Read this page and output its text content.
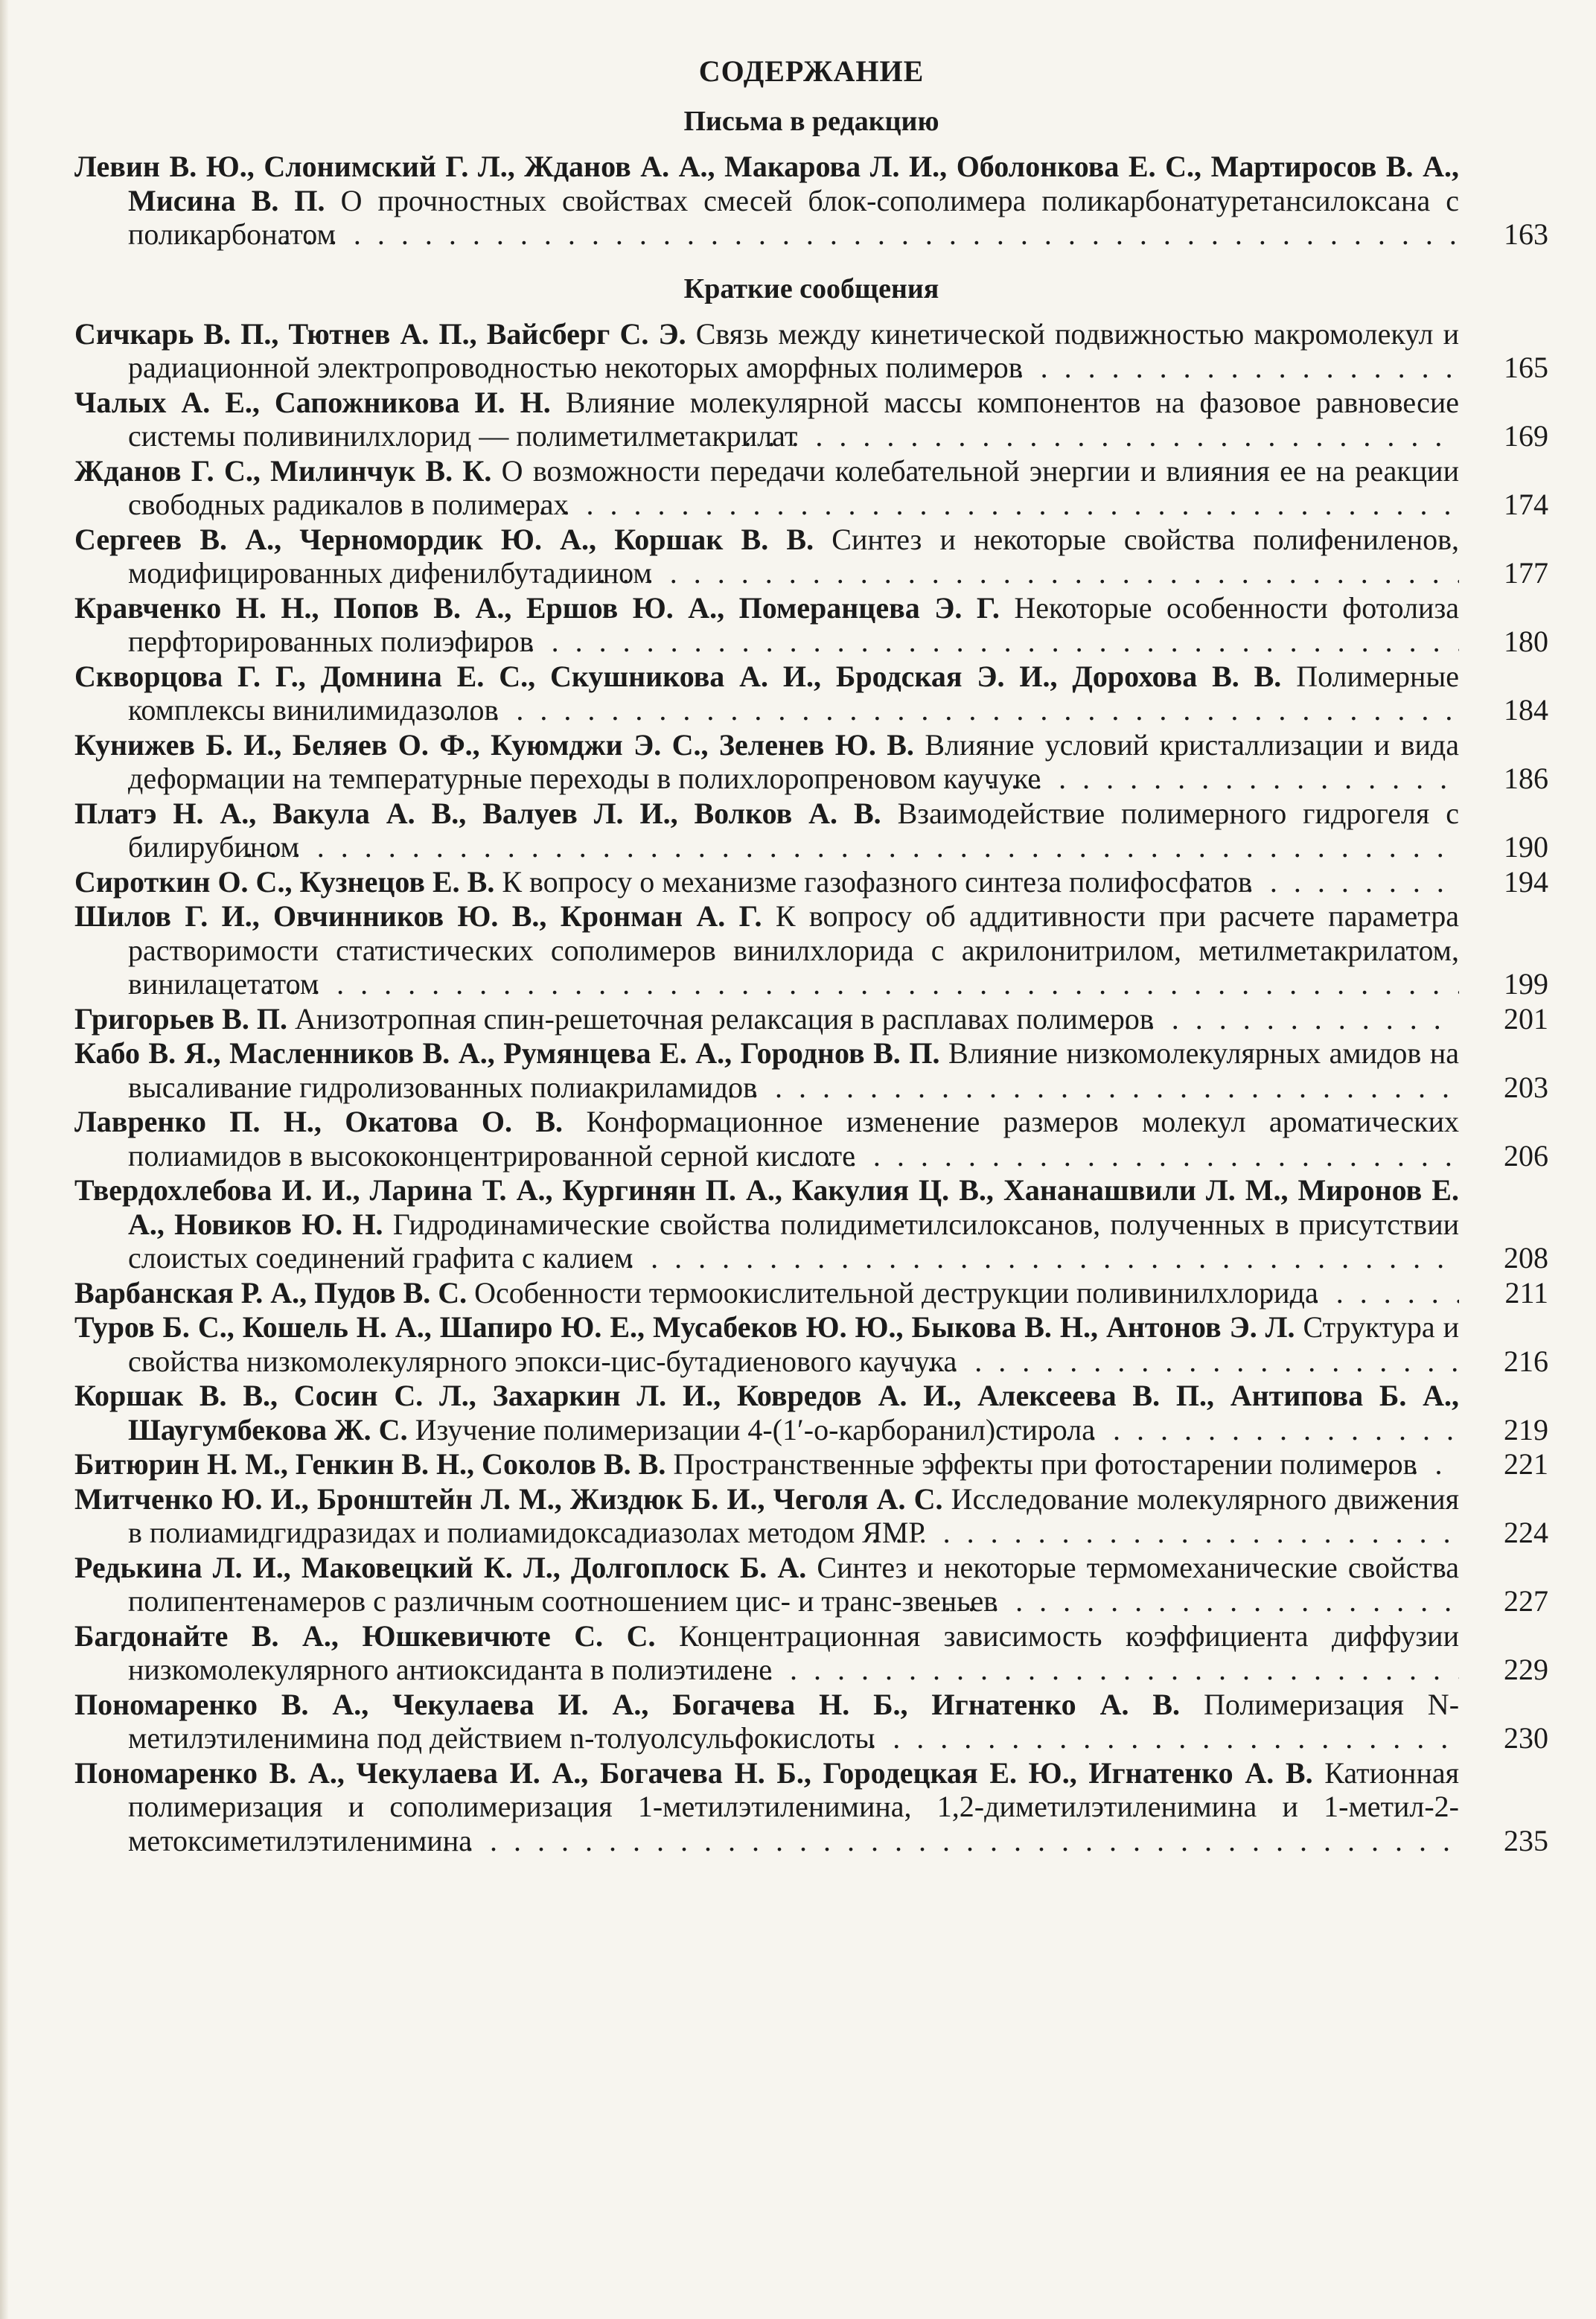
СОДЕРЖАНИЕ
Письма в редакцию
Левин В. Ю., Слонимский Г. Л., Жданов А. А., Макарова Л. И., Оболонкова Е. С., Мартиросов В. А., Мисина В. П. О прочностных свойствах смесей блок-сополимера поликарбонатуретансилоксана с поликарбонатом . . .	163
Краткие сообщения
Сичкарь В. П., Тютнев А. П., Вайсберг С. Э. Связь между кинетической подвижностью макромолекул и радиационной электропроводностью некоторых аморфных полимеров . . .	165
Чалых А. Е., Сапожникова И. Н. Влияние молекулярной массы компонентов на фазовое равновесие системы поливинилхлорид — полиметилметакрилат . . .	169
Жданов Г. С., Милинчук В. К. О возможности передачи колебательной энергии и влияния ее на реакции свободных радикалов в полимерах . . .	174
Сергеев В. А., Черномордик Ю. А., Коршак В. В. Синтез и некоторые свойства полифениленов, модифицированных дифенилбутадиином . . .	177
Кравченко Н. Н., Попов В. А., Ершов Ю. А., Померанцева Э. Г. Некоторые особенности фотолиза перфторированных полиэфиров . . .	180
Скворцова Г. Г., Домнина Е. С., Скушникова А. И., Бродская Э. И., Дорохова В. В. Полимерные комплексы винилимидазолов . . .	184
Кунижев Б. И., Беляев О. Ф., Куюмджи Э. С., Зеленев Ю. В. Влияние условий кристаллизации и вида деформации на температурные переходы в полихлоропреновом каучуке . . .	186
Платэ Н. А., Вакула А. В., Валуев Л. И., Волков А. В. Взаимодействие полимерного гидрогеля с билирубином . . .	190
Сироткин О. С., Кузнецов Е. В. К вопросу о механизме газофазного синтеза полифосфатов . . .	194
Шилов Г. И., Овчинников Ю. В., Кронман А. Г. К вопросу об аддитивности при расчете параметра растворимости статистических сополимеров винилхлорида с акрилонитрилом, метилметакрилатом, винилацетатом . . .	199
Григорьев В. П. Анизотропная спин-решеточная релаксация в расплавах полимеров . . .	201
Кабо В. Я., Масленников В. А., Румянцева Е. А., Городнов В. П. Влияние низкомолекулярных амидов на высаливание гидролизованных полиакриламидов . . .	203
Лавренко П. Н., Окатова О. В. Конформационное изменение размеров молекул ароматических полиамидов в высококонцентрированной серной кислоте . . .	206
Твердохлебова И. И., Ларина Т. А., Кургинян П. А., Какулия Ц. В., Хананашвили Л. М., Миронов Е. А., Новиков Ю. Н. Гидродинамические свойства полидиметилсилоксанов, полученных в присутствии слоистых соединений графита с калием . . .	208
Варбанская Р. А., Пудов В. С. Особенности термоокислительной деструкции поливинилхлорида . . .	211
Туров Б. С., Кошель Н. А., Шапиро Ю. Е., Мусабеков Ю. Ю., Быкова В. Н., Антонов Э. Л. Структура и свойства низкомолекулярного эпокси-цис-бутадиенового каучука . . .	216
Коршак В. В., Сосин С. Л., Захаркин Л. И., Ковредов А. И., Алексеева В. П., Антипова Б. А., Шаугумбекова Ж. С. Изучение полимеризации 4-(1′-о-карборанил)стирола . . .	219
Битюрин Н. М., Генкин В. Н., Соколов В. В. Пространственные эффекты при фотостарении полимеров . . .	221
Митченко Ю. И., Бронштейн Л. М., Жиздюк Б. И., Чеголя А. С. Исследование молекулярного движения в полиамидгидразидах и полиамидоксадиазолах методом ЯМР . . .	224
Редькина Л. И., Маковецкий К. Л., Долгоплоск Б. А. Синтез и некоторые термомеханические свойства полипентенамеров с различным соотношением цис- и транс-звеньев . . .	227
Багдонайте В. А., Юшкевичюте С. С. Концентрационная зависимость коэффициента диффузии низкомолекулярного антиоксиданта в полиэтилене . . .	229
Пономаренко В. А., Чекулаева И. А., Богачева Н. Б., Игнатенко А. В. Полимеризация N-метилэтиленимина под действием n-толуолсульфокислоты . . .	230
Пономаренко В. А., Чекулаева И. А., Богачева Н. Б., Городецкая Е. Ю., Игнатенко А. В. Катионная полимеризация и сополимеризация 1-метилэтиленимина, 1,2-диметилэтиленимина и 1-метил-2-метоксиметилэтиленимина . . .	235
